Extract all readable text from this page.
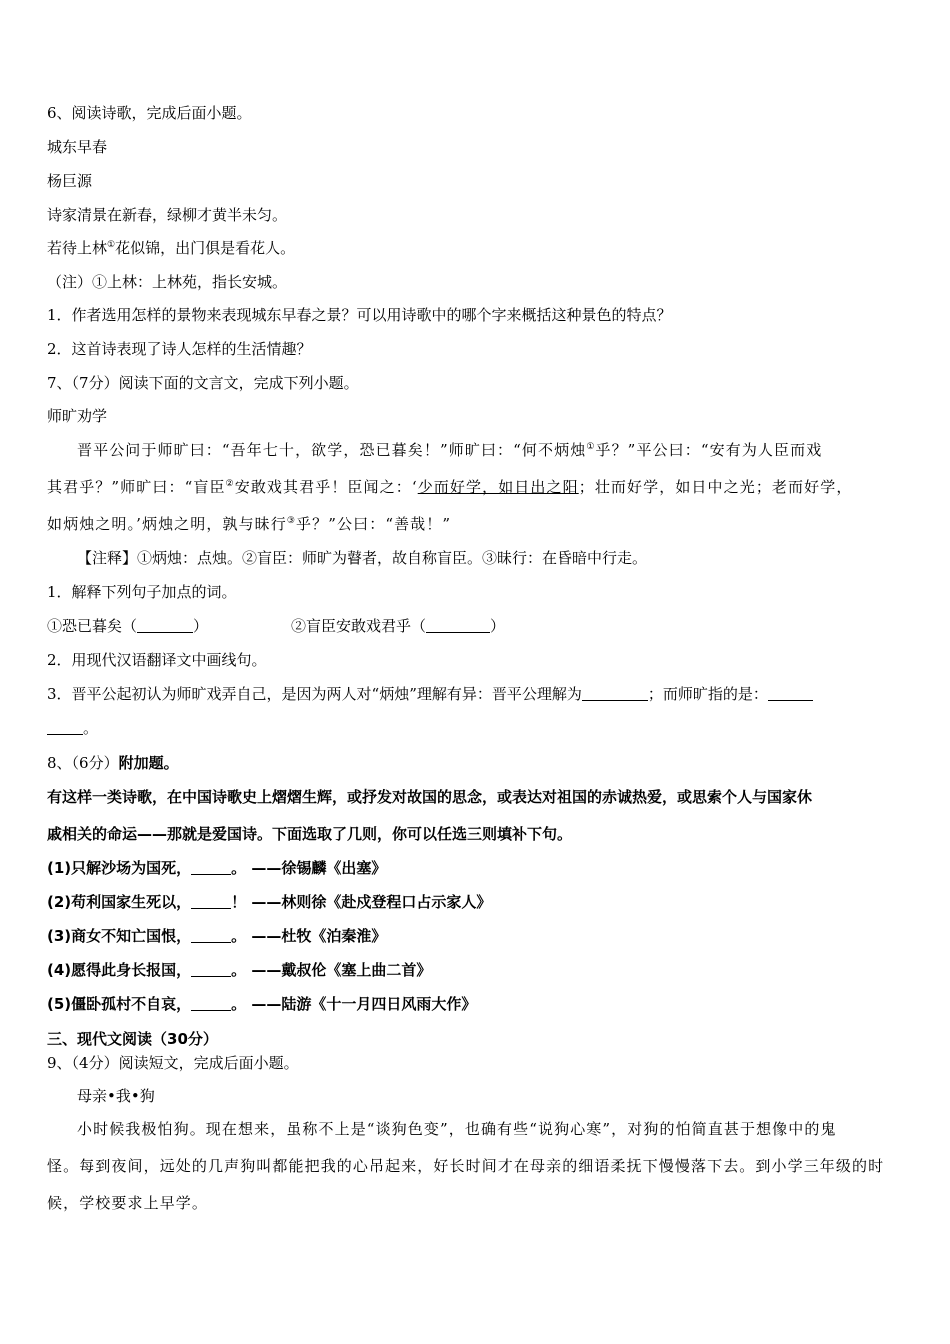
6、阅读诗歌，完成后面小题。
城东早春
杨巨源
诗家清景在新春，绿柳才黄半未匀。
若待上林①花似锦，出门俱是看花人。
（注）①上林：上林苑，指长安城。
1．作者选用怎样的景物来表现城东早春之景？可以用诗歌中的哪个字来概括这种景色的特点？
2．这首诗表现了诗人怎样的生活情趣？
7、（7分）阅读下面的文言文，完成下列小题。
师旷劝学
晋平公问于师旷曰：“吾年七十，欲学，恐已暮矣！”师旷曰：“何不炳烛①乎？”平公曰：“安有为人臣而戏
其君乎？”师旷曰：“盲臣②安敢戏其君乎！臣闻之：‘少而好学，如日出之阳；壮而好学，如日中之光；老而好学，
如炳烛之明。’炳烛之明，孰与昧行③乎？”公曰：“善哉！”
【注释】①炳烛：点烛。②盲臣：师旷为瞽者，故自称盲臣。③昧行：在昏暗中行走。
1．解释下列句子加点的词。
①恐已暮矣（	）	②盲臣安敢戏君乎（	）
2．用现代汉语翻译文中画线句。
3．晋平公起初认为师旷戏弄自己，是因为两人对“炳烛”理解有异：晋平公理解为	；而师旷指的是：
。
8、（6分）附加题。
有这样一类诗歌，在中国诗歌史上熠熠生辉，或抒发对故国的思念，或表达对祖国的赤诚热爱，或思索个人与国家休
戚相关的命运——那就是爱国诗。下面选取了几则，你可以任选三则填补下句。
(1)只解沙场为国死，	。 ——徐锡麟《出塞》
(2)苟利国家生死以，	！ ——林则徐《赴戍登程口占示家人》
(3)商女不知亡国恨，	。 ——杜牧《泊秦淮》
(4)愿得此身长报国，	。 ——戴叔伦《塞上曲二首》
(5)僵卧孤村不自哀，	。 ——陆游《十一月四日风雨大作》
三、现代文阅读（30分）
9、（4分）阅读短文，完成后面小题。
母亲•我•狗
小时候我极怕狗。现在想来，虽称不上是“谈狗色变”，也确有些“说狗心寒”，对狗的怕简直甚于想像中的鬼
怪。每到夜间，远处的几声狗叫都能把我的心吊起来，好长时间才在母亲的细语柔抚下慢慢落下去。到小学三年级的时
候，学校要求上早学。
